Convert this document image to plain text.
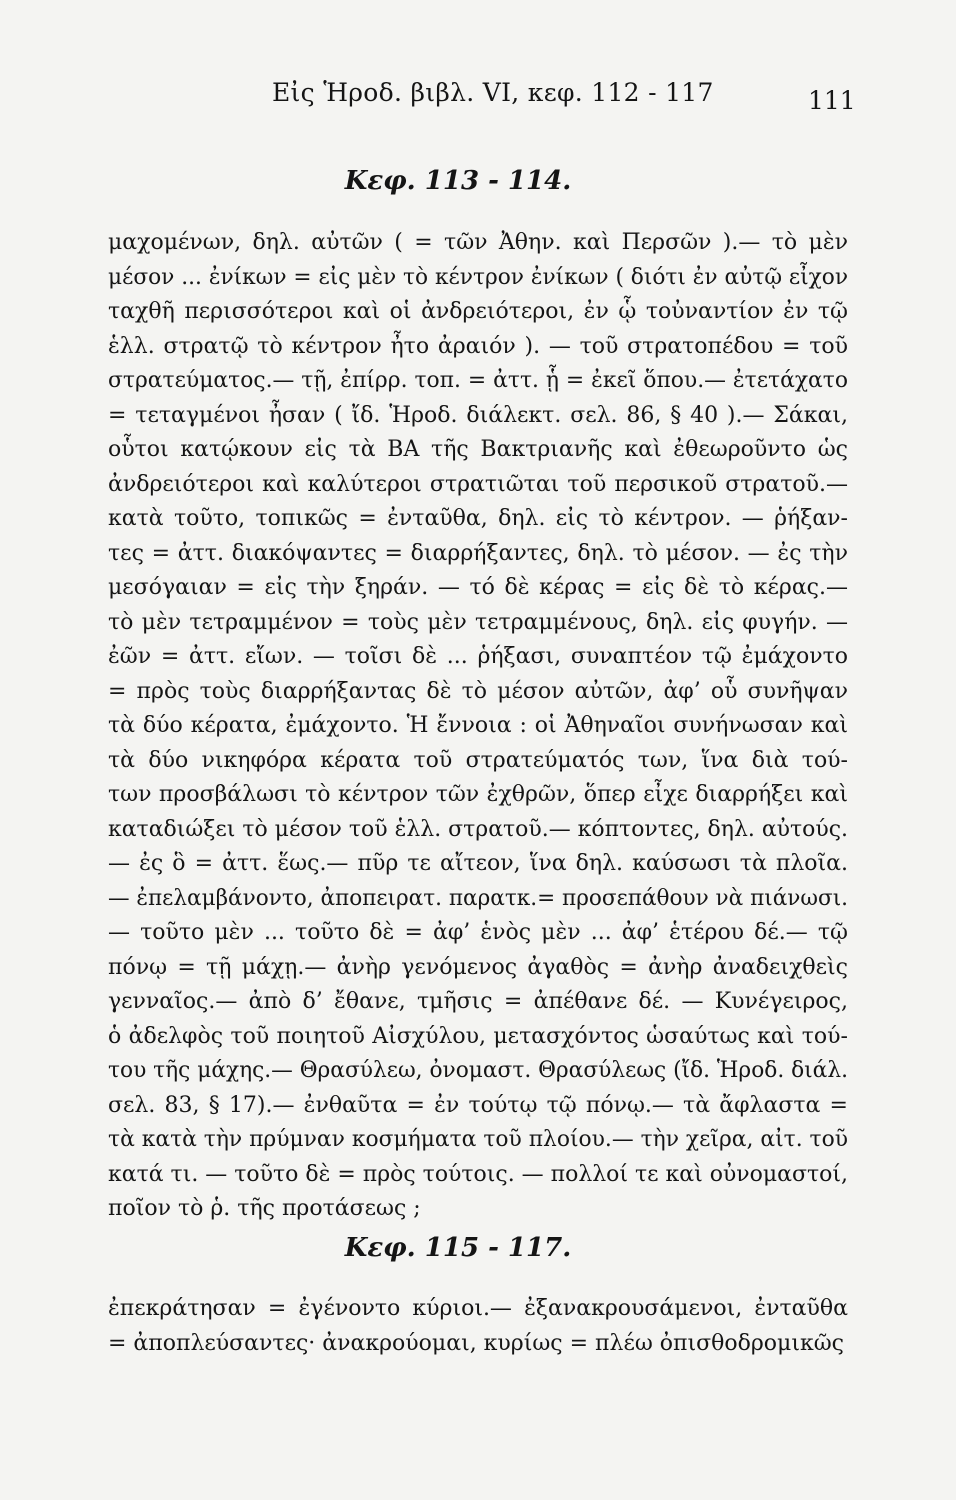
Εἰς Ἡροδ. βιβλ. VI, κεφ. 112 - 117	111
Κεφ. 113 - 114.
μαχομένων, δηλ. αὐτῶν ( = τῶν Ἀθην. καὶ Περσῶν ).— τὸ μὲν
μέσον ... ἐνίκων = εἰς μὲν τὸ κέντρον ἐνίκων ( διότι ἐν αὐτῷ εἶχον
ταχθῆ περισσότεροι καὶ οἱ ἀνδρειότεροι, ἐν ᾧ τοὐναντίον ἐν τῷ
ἑλλ. στρατῷ τὸ κέντρον ἦτο ἀραιόν ). — τοῦ στρατοπέδου = τοῦ
στρατεύματος.— τῇ, ἐπίρρ. τοπ. = ἀττ. ᾗ = ἐκεῖ ὅπου.— ἐτετάχατο
= τεταγμένοι ἦσαν ( ἴδ. Ἡροδ. διάλεκτ. σελ. 86, § 40 ).— Σάκαι,
οὗτοι κατῴκουν εἰς τὰ ΒΑ τῆς Βακτριανῆς καὶ ἐθεωροῦντο ὡς
ἀνδρειότεροι καὶ καλύτεροι στρατιῶται τοῦ περσικοῦ στρατοῦ.—
κατὰ τοῦτο, τοπικῶς = ἐνταῦθα, δηλ. εἰς τὸ κέντρον. — ῥήξαν-
τες = ἀττ. διακόψαντες = διαρρήξαντες, δηλ. τὸ μέσον. — ἐς τὴν
μεσόγαιαν = εἰς τὴν ξηράν. — τό δὲ κέρας = εἰς δὲ τὸ κέρας.—
τὸ μὲν τετραμμένον = τοὺς μὲν τετραμμένους, δηλ. εἰς φυγήν. —
ἐῶν = ἀττ. εἴων. — τοῖσι δὲ ... ῥήξασι, συναπτέον τῷ ἐμάχοντο
= πρὸς τοὺς διαρρήξαντας δὲ τὸ μέσον αὐτῶν, ἀφ’ οὗ συνῆψαν
τὰ δύο κέρατα, ἐμάχοντο. Ἡ ἔννοια : οἱ Ἀθηναῖοι συνήνωσαν καὶ
τὰ δύο νικηφόρα κέρατα τοῦ στρατεύματός των, ἵνα διὰ τού-
των προσβάλωσι τὸ κέντρον τῶν ἐχθρῶν, ὅπερ εἶχε διαρρήξει καὶ
καταδιώξει τὸ μέσον τοῦ ἑλλ. στρατοῦ.— κόπτοντες, δηλ. αὐτούς.
— ἐς ὃ = ἀττ. ἕως.— πῦρ τε αἴτεον, ἵνα δηλ. καύσωσι τὰ πλοῖα.
— ἐπελαμβάνοντο, ἀποπειρατ. παρατκ.= προσεπάθουν νὰ πιάνωσι.
— τοῦτο μὲν ... τοῦτο δὲ = ἀφ’ ἑνὸς μὲν ... ἀφ’ ἑτέρου δέ.— τῷ
πόνῳ = τῇ μάχῃ.— ἀνὴρ γενόμενος ἀγαθὸς = ἀνὴρ ἀναδειχθεὶς
γενναῖος.— ἀπὸ δ’ ἔθανε, τμῆσις = ἀπέθανε δέ. — Κυνέγειρος,
ὁ ἀδελφὸς τοῦ ποιητοῦ Αἰσχύλου, μετασχόντος ὡσαύτως καὶ τού-
του τῆς μάχης.— Θρασύλεω, ὀνομαστ. Θρασύλεως (ἴδ. Ἡροδ. διάλ.
σελ. 83, § 17).— ἐνθαῦτα = ἐν τούτῳ τῷ πόνῳ.— τὰ ἄφλαστα =
τὰ κατὰ τὴν πρύμναν κοσμήματα τοῦ πλοίου.— τὴν χεῖρα, αἰτ. τοῦ
κατά τι. — τοῦτο δὲ = πρὸς τούτοις. — πολλοί τε καὶ οὐνομαστοί,
ποῖον τὸ ῥ. τῆς προτάσεως ;
Κεφ. 115 - 117.
ἐπεκράτησαν = ἐγένοντο κύριοι.— ἐξανακρουσάμενοι, ἐνταῦθα
= ἀποπλεύσαντες· ἀνακρούομαι, κυρίως = πλέω ὀπισθοδρομικῶς
